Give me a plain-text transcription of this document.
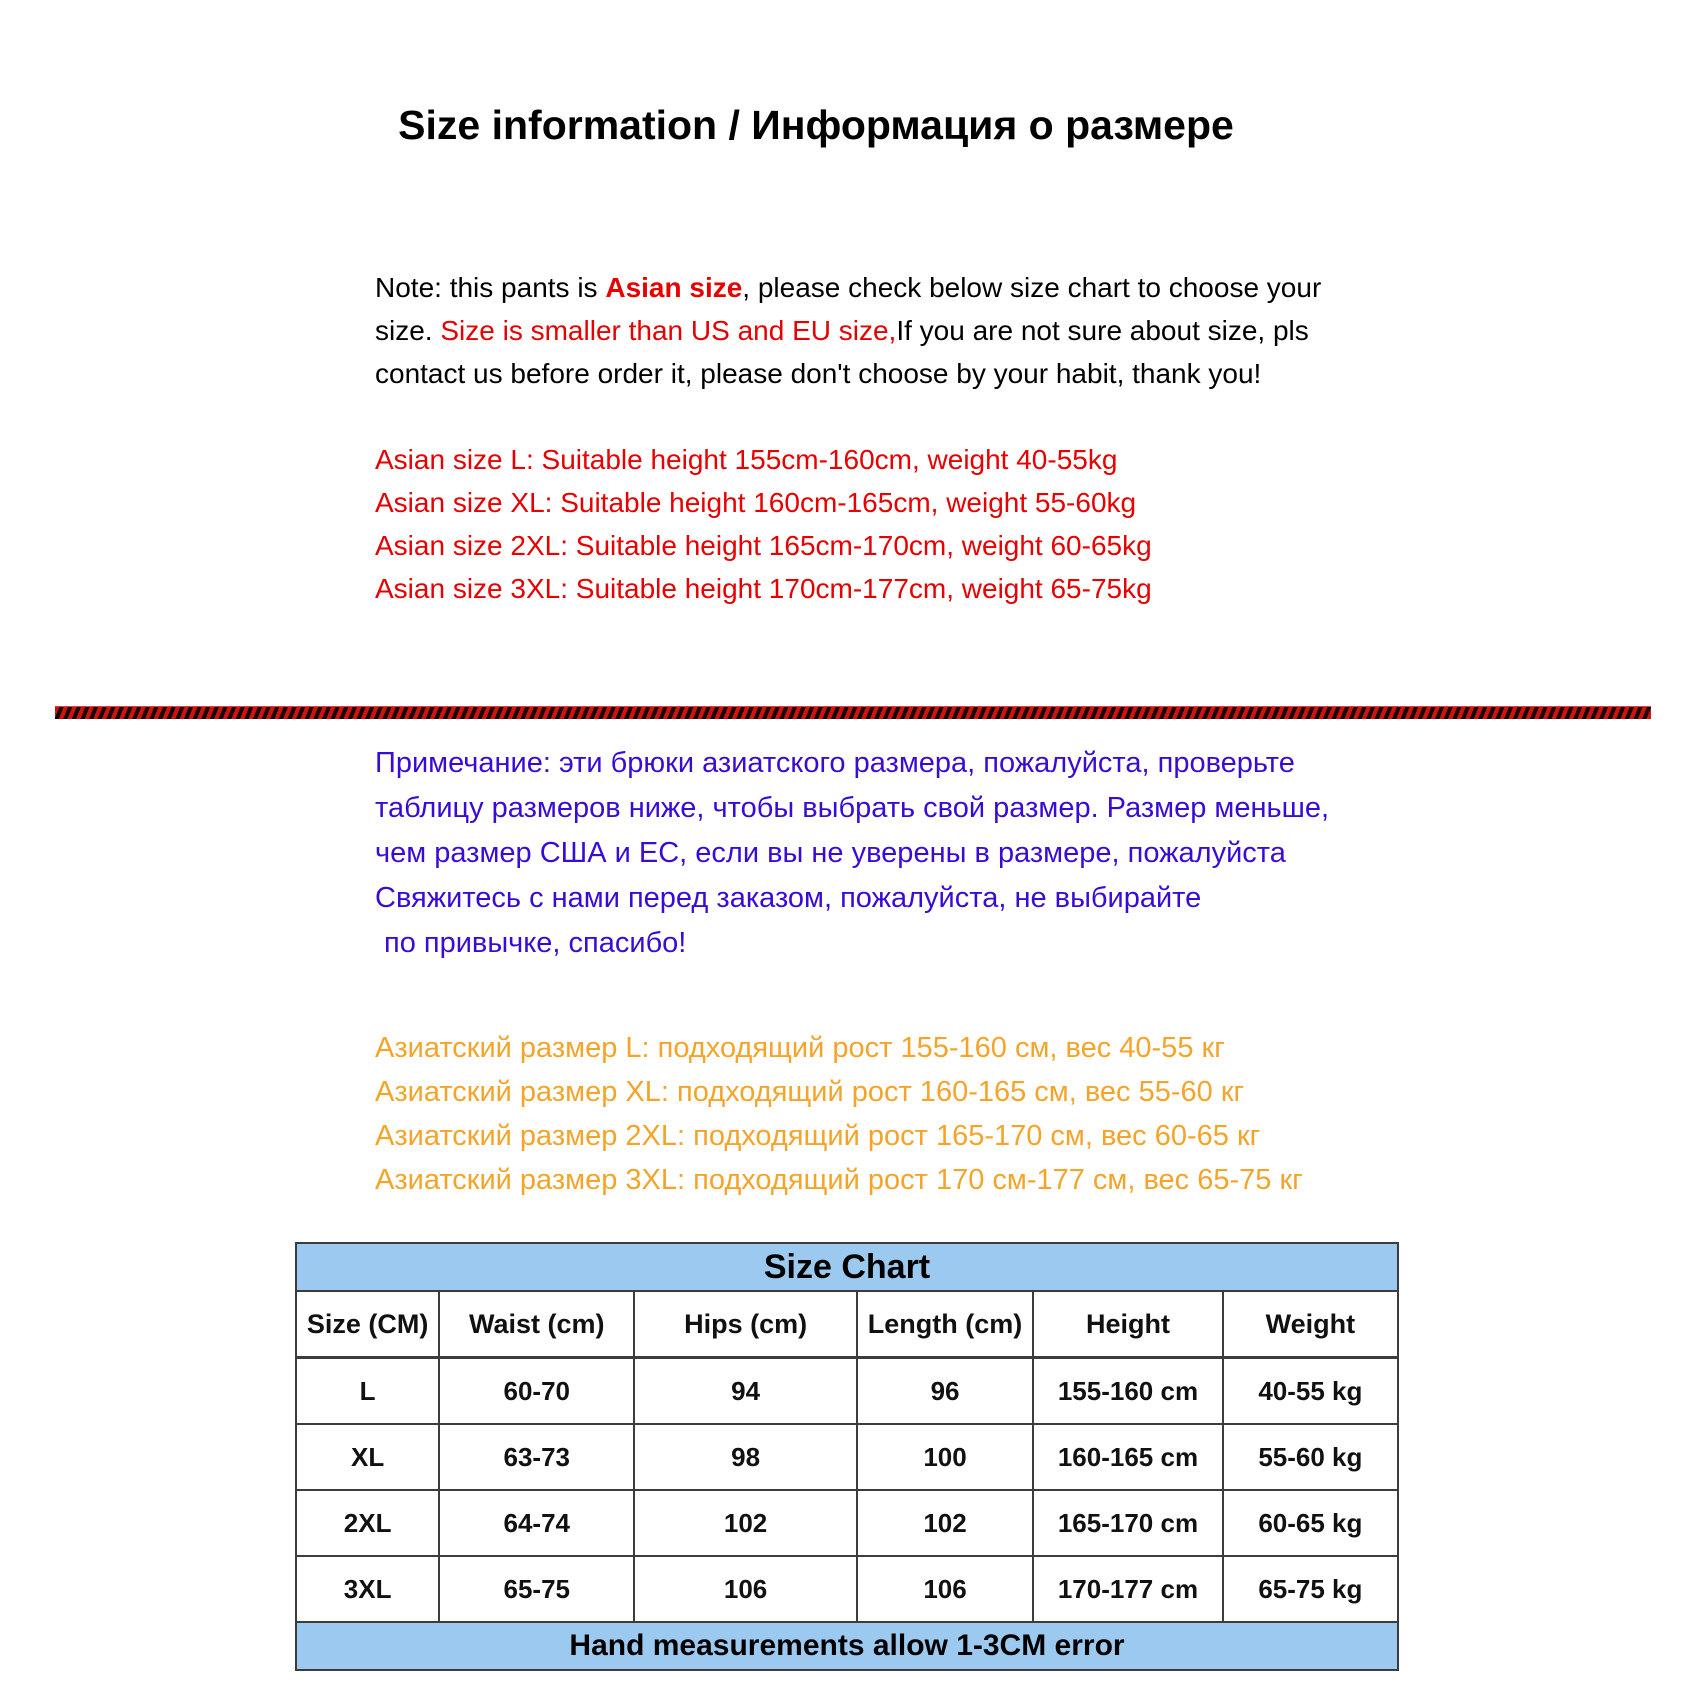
Size information / Информация о размере
Note: this pants is Asian size, please check below size chart to choose your
size. Size is smaller than US and EU size,If you are not sure about size, pls
contact us before order it, please don't choose by your habit, thank you!
Asian size L: Suitable height 155cm-160cm, weight 40-55kg
Asian size XL: Suitable height 160cm-165cm, weight 55-60kg
Asian size 2XL: Suitable height 165cm-170cm, weight 60-65kg
Asian size 3XL: Suitable height 170cm-177cm, weight 65-75kg
Примечание: эти брюки азиатского размера, пожалуйста, проверьте
таблицу размеров ниже, чтобы выбрать свой размер. Размер меньше,
чем размер США и ЕС, если вы не уверены в размере, пожалуйста
Свяжитесь с нами перед заказом, пожалуйста, не выбирайте
по привычке, спасибо!
Азиатский размер L: подходящий рост 155-160 см, вес 40-55 кг
Азиатский размер XL: подходящий рост 160-165 см, вес 55-60 кг
Азиатский размер 2XL: подходящий рост 165-170 см, вес 60-65 кг
Азиатский размер 3XL: подходящий рост 170 см-177 см, вес 65-75 кг
Size Chart					
Size (CM)	Waist (cm)	Hips (cm)	Length (cm)	Height	Weight
L	60-70	94	96	155-160 cm	40-55 kg
XL	63-73	98	100	160-165 cm	55-60 kg
2XL	64-74	102	102	165-170 cm	60-65 kg
3XL	65-75	106	106	170-177 cm	65-75 kg
Hand measurements allow 1-3CM error					
